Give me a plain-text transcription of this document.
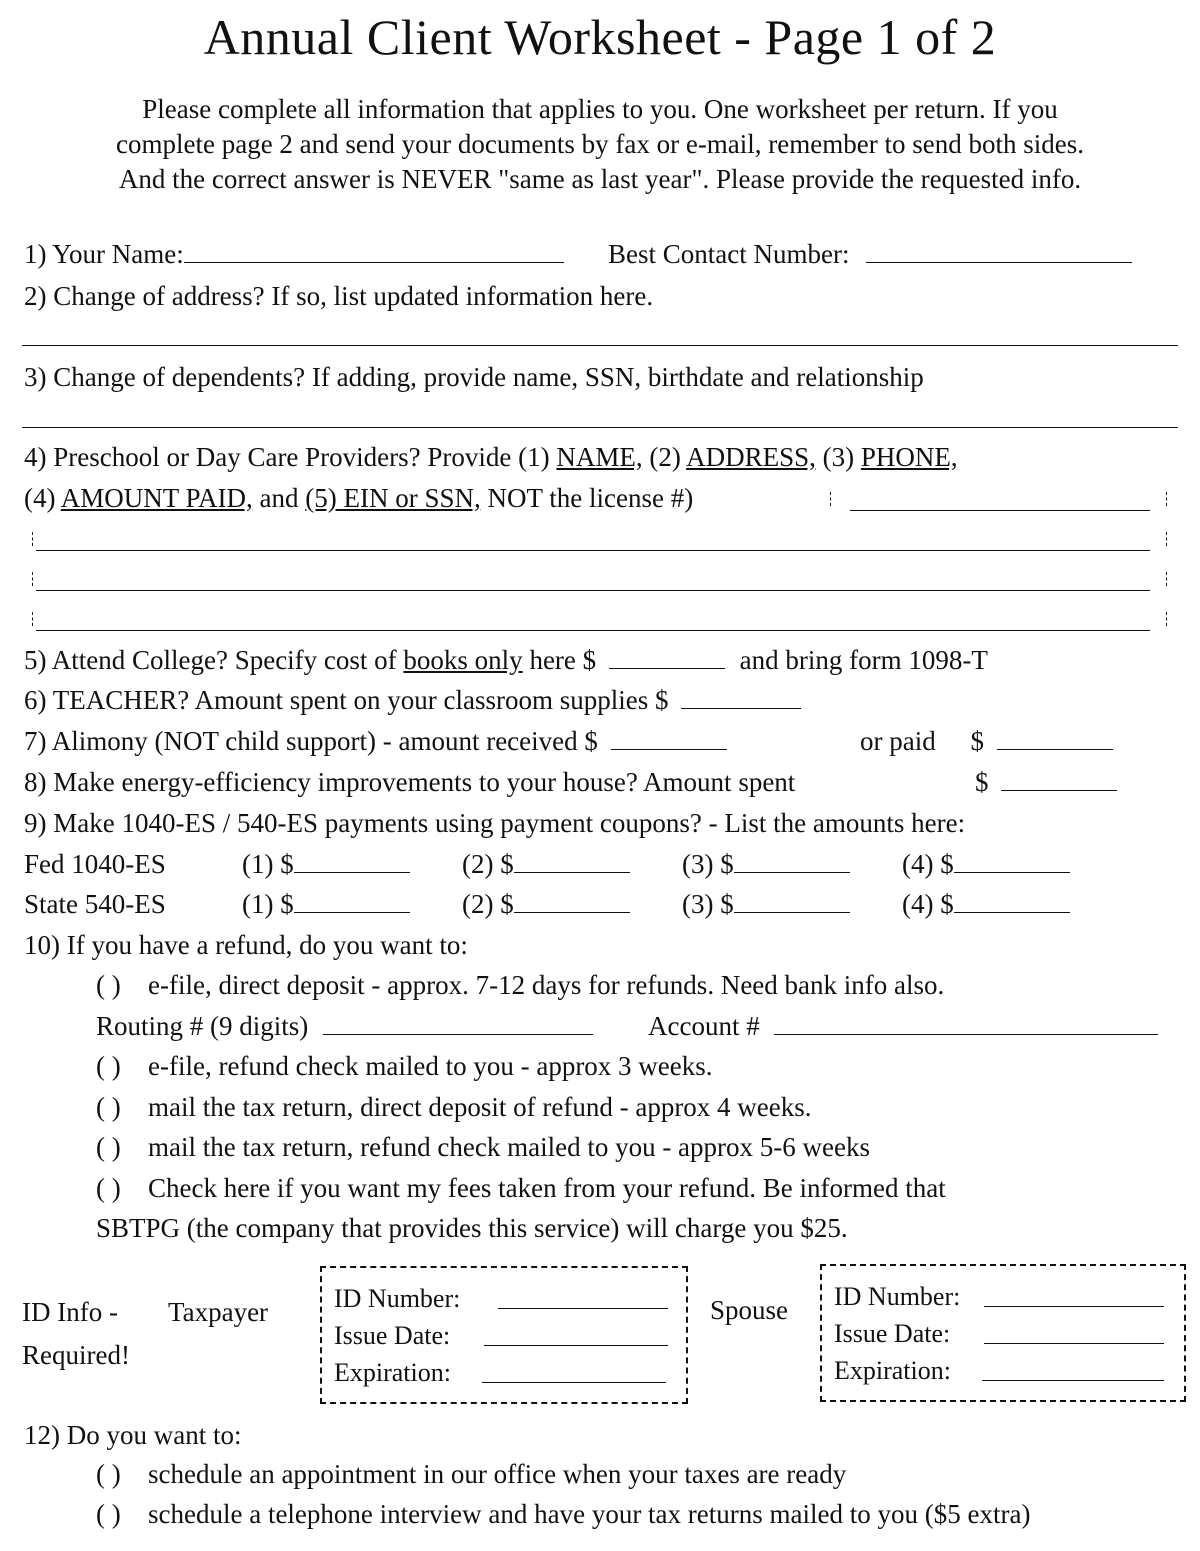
Annual Client Worksheet - Page 1 of 2
Please complete all information that applies to you. One worksheet per return. If you
complete page 2 and send your documents by fax or e-mail, remember to send both sides.
And the correct answer is NEVER "same as last year". Please provide the requested info.
1) Your Name:	Best Contact Number:
2) Change of address? If so, list updated information here.
3) Change of dependents? If adding, provide name, SSN, birthdate and relationship
4) Preschool or Day Care Providers? Provide (1) NAME, (2) ADDRESS, (3) PHONE,
(4) AMOUNT PAID, and (5) EIN or SSN, NOT the license #)
5) Attend College? Specify cost of books only here $	and bring form 1098-T
6) TEACHER? Amount spent on your classroom supplies $
7) Alimony (NOT child support) - amount received $	or paid $
8) Make energy-efficiency improvements to your house? Amount spent	$
9) Make 1040-ES / 540-ES payments using payment coupons? - List the amounts here:
Fed 1040-ES	(1) $	(2) $	(3) $	(4) $
State 540-ES	(1) $	(2) $	(3) $	(4) $
10) If you have a refund, do you want to:
( ) e-file, direct deposit - approx. 7-12 days for refunds. Need bank info also.
Routing # (9 digits)	Account #
( ) e-file, refund check mailed to you - approx 3 weeks.
( ) mail the tax return, direct deposit of refund - approx 4 weeks.
( ) mail the tax return, refund check mailed to you - approx 5-6 weeks
( ) Check here if you want my fees taken from your refund. Be informed that
SBTPG (the company that provides this service) will charge you $25.
ID Info -
Required!
Taxpayer	ID Number:
Issue Date:
Expiration:
Spouse ID Number:
Issue Date:
Expiration:
12) Do you want to:
( ) schedule an appointment in our office when your taxes are ready
( ) schedule a telephone interview and have your tax returns mailed to you ($5 extra)
